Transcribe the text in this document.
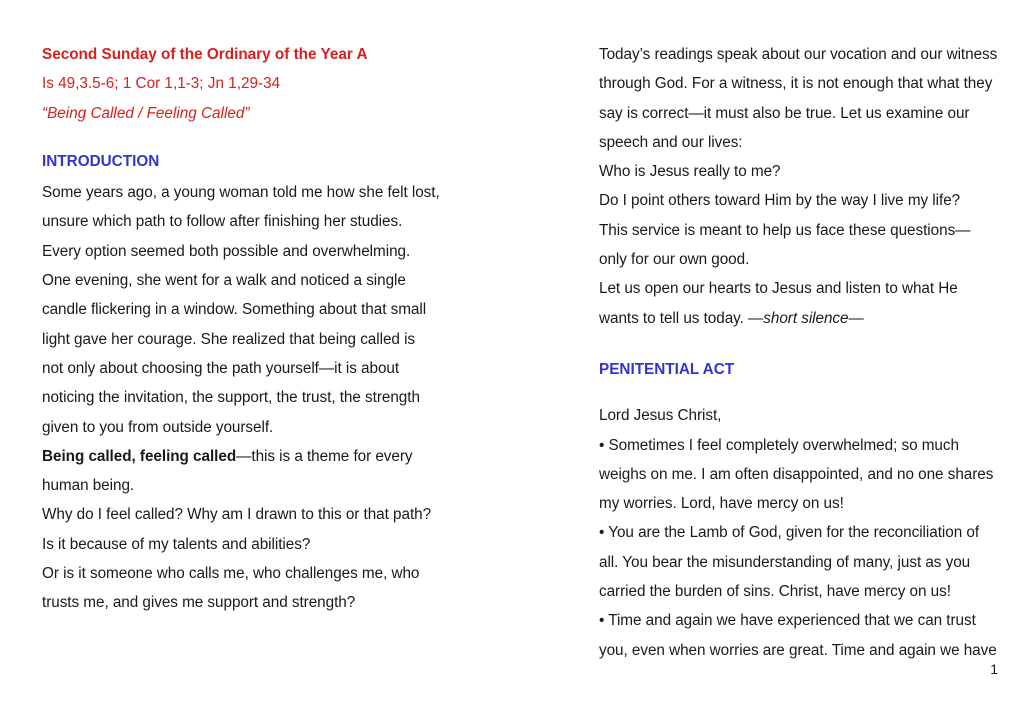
Second Sunday of the Ordinary of the Year A
Is 49,3.5-6; 1 Cor 1,1-3; Jn 1,29-34
“Being Called / Feeling Called”
INTRODUCTION
Some years ago, a young woman told me how she felt lost,
unsure which path to follow after finishing her studies.
Every option seemed both possible and overwhelming.
One evening, she went for a walk and noticed a single
candle flickering in a window. Something about that small
light gave her courage. She realized that being called is
not only about choosing the path yourself—it is about
noticing the invitation, the support, the trust, the strength
given to you from outside yourself.
Being called, feeling called—this is a theme for every
human being.
Why do I feel called? Why am I drawn to this or that path?
Is it because of my talents and abilities?
Or is it someone who calls me, who challenges me, who
trusts me, and gives me support and strength?
Today’s readings speak about our vocation and our witness
through God. For a witness, it is not enough that what they
say is correct—it must also be true. Let us examine our
speech and our lives:
Who is Jesus really to me?
Do I point others toward Him by the way I live my life?
This service is meant to help us face these questions—
only for our own good.
Let us open our hearts to Jesus and listen to what He
wants to tell us today. —short silence—
PENITENTIAL ACT
Lord Jesus Christ,
• Sometimes I feel completely overwhelmed; so much
weighs on me. I am often disappointed, and no one shares
my worries. Lord, have mercy on us!
• You are the Lamb of God, given for the reconciliation of
all. You bear the misunderstanding of many, just as you
carried the burden of sins. Christ, have mercy on us!
• Time and again we have experienced that we can trust
you, even when worries are great. Time and again we have
1
